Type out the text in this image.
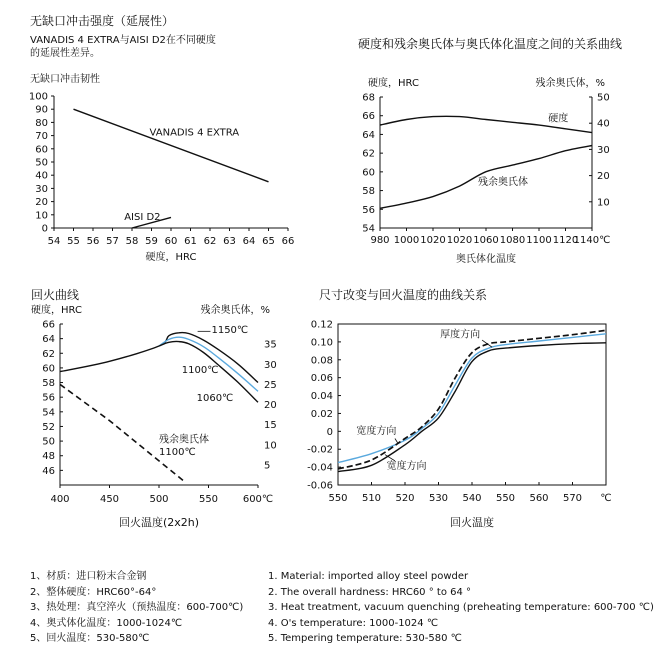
无缺口冲击强度（延展性）
VANADIS 4 EXTRA与AISI D2在不同硬度
的延展性差异。
硬度和残余奥氏体与奥氏体化温度之间的关系曲线
回火曲线	尺寸改变与回火温度的曲线关系
无缺口冲击韧性
0
10
20
30
40
50
60
70
80
90
100
54 55 56 57 58 59 60 61 62 63 64 65 66
硬度，HRC
VANADIS 4 EXTRA
AISI D2
硬度，HRC	残余奥氏体，%
54
56
58
60
62
64
66
68
10
20
30
40
50
980 1000 1020 1020 1060 1080 1100 1120
1140℃
奥氏体化温度
硬度
残余奥氏体
硬度，HRC	残余奥氏体，%
46
48
50
52
54
56
58
60
62
64
66
5
10
15
20
25
30
35
400	450	500	550 600℃
回火温度(2x2h)
1150℃
1100℃
1060℃
残余奥氏体
1100℃
-0.06
-0.04
-0.02
0
0.02
0.04
0.06
0.08
0.10
0.12
550 510 520 530 540 550 560 570 ℃
回火温度
厚度方向
宽度方向
宽度方向
1、材质：进口粉末合金钢
2、整体硬度：HRC60°-64°
3、热处理：真空淬火（预热温度：600-700℃)
4、奥式体化温度：1000-1024℃
5、回火温度：530-580℃
1. Material: imported alloy steel powder
2. The overall hardness: HRC60 ° to 64 °
3. Heat treatment, vacuum quenching (preheating temperature: 600-700 ℃)
4. O's temperature: 1000-1024 ℃
5. Tempering temperature: 530-580 ℃
